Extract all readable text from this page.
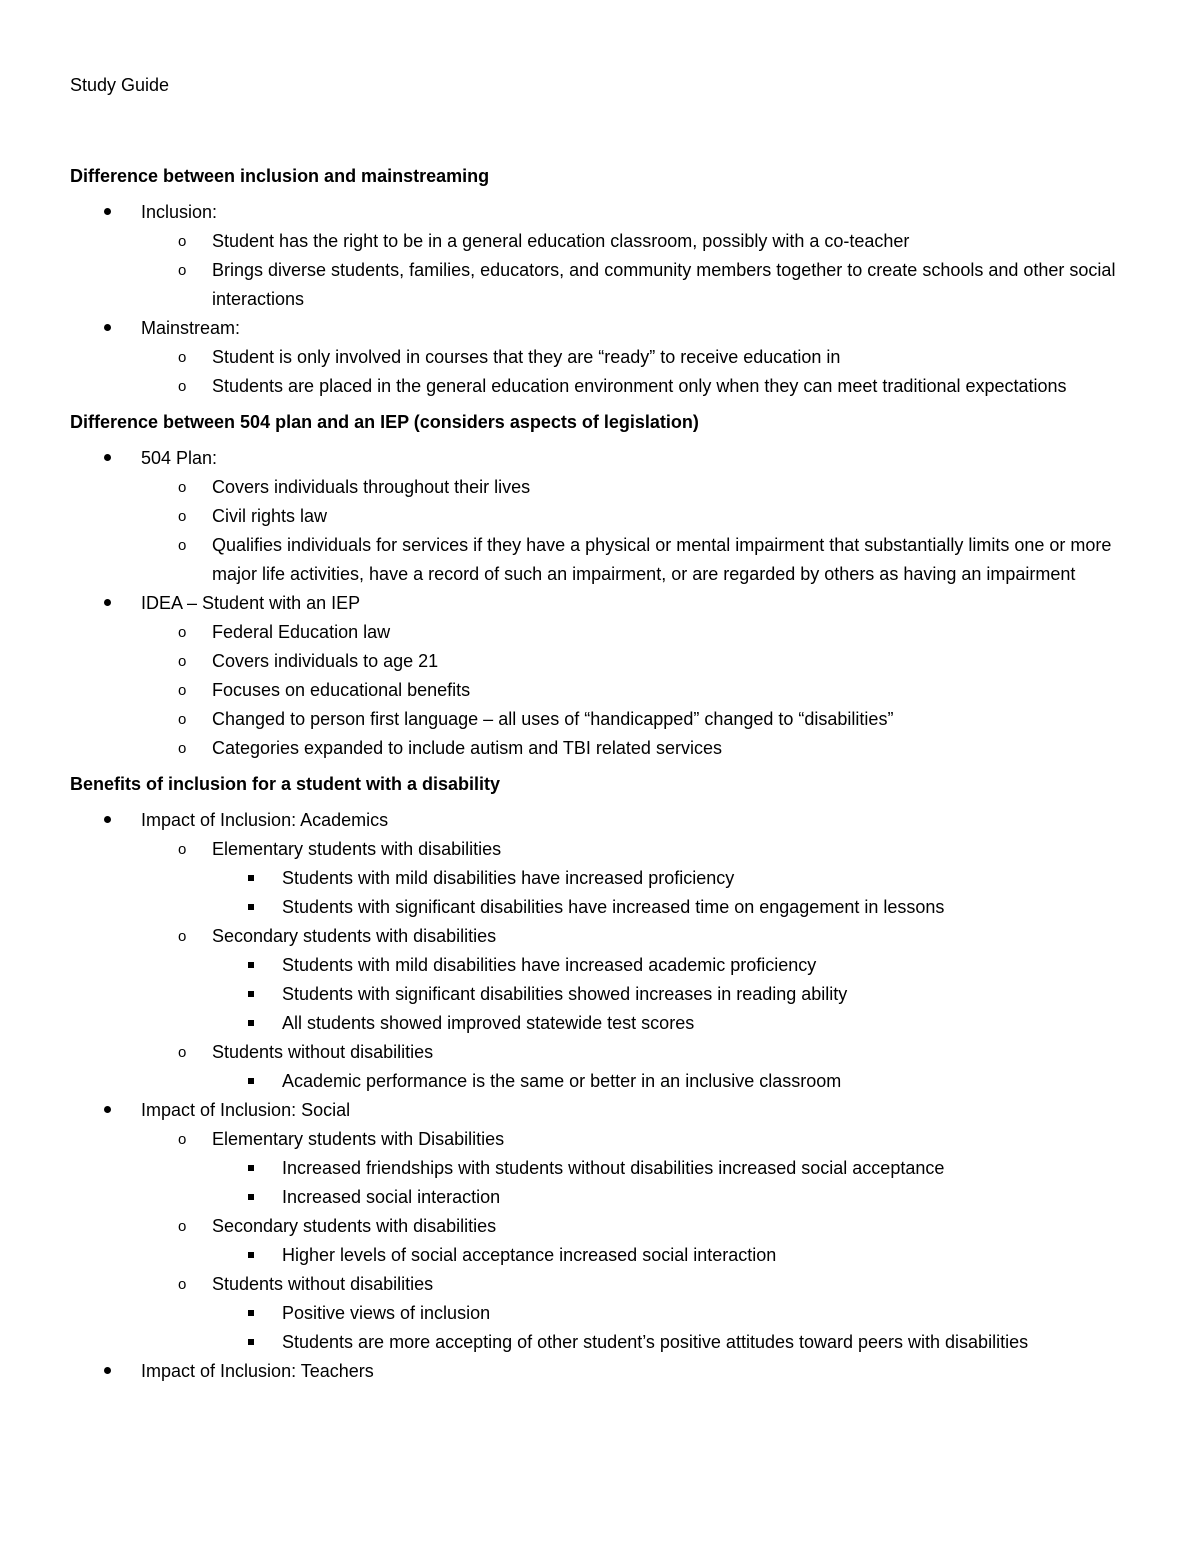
Study Guide
Difference between inclusion and mainstreaming
Inclusion:
o Student has the right to be in a general education classroom, possibly with a co-teacher
o Brings diverse students, families, educators, and community members together to create schools and other social interactions
Mainstream:
o Student is only involved in courses that they are “ready” to receive education in
o Students are placed in the general education environment only when they can meet traditional expectations
Difference between 504 plan and an IEP (considers aspects of legislation)
504 Plan:
o Covers individuals throughout their lives
o Civil rights law
o Qualifies individuals for services if they have a physical or mental impairment that substantially limits one or more major life activities, have a record of such an impairment, or are regarded by others as having an impairment
IDEA – Student with an IEP
o Federal Education law
o Covers individuals to age 21
o Focuses on educational benefits
o Changed to person first language – all uses of “handicapped” changed to “disabilities”
o Categories expanded to include autism and TBI related services
Benefits of inclusion for a student with a disability
Impact of Inclusion: Academics
o Elementary students with disabilities
Students with mild disabilities have increased proficiency
Students with significant disabilities have increased time on engagement in lessons
o Secondary students with disabilities
Students with mild disabilities have increased academic proficiency
Students with significant disabilities showed increases in reading ability
All students showed improved statewide test scores
o Students without disabilities
Academic performance is the same or better in an inclusive classroom
Impact of Inclusion: Social
o Elementary students with Disabilities
Increased friendships with students without disabilities increased social acceptance
Increased social interaction
o Secondary students with disabilities
Higher levels of social acceptance increased social interaction
o Students without disabilities
Positive views of inclusion
Students are more accepting of other student’s positive attitudes toward peers with disabilities
Impact of Inclusion: Teachers
